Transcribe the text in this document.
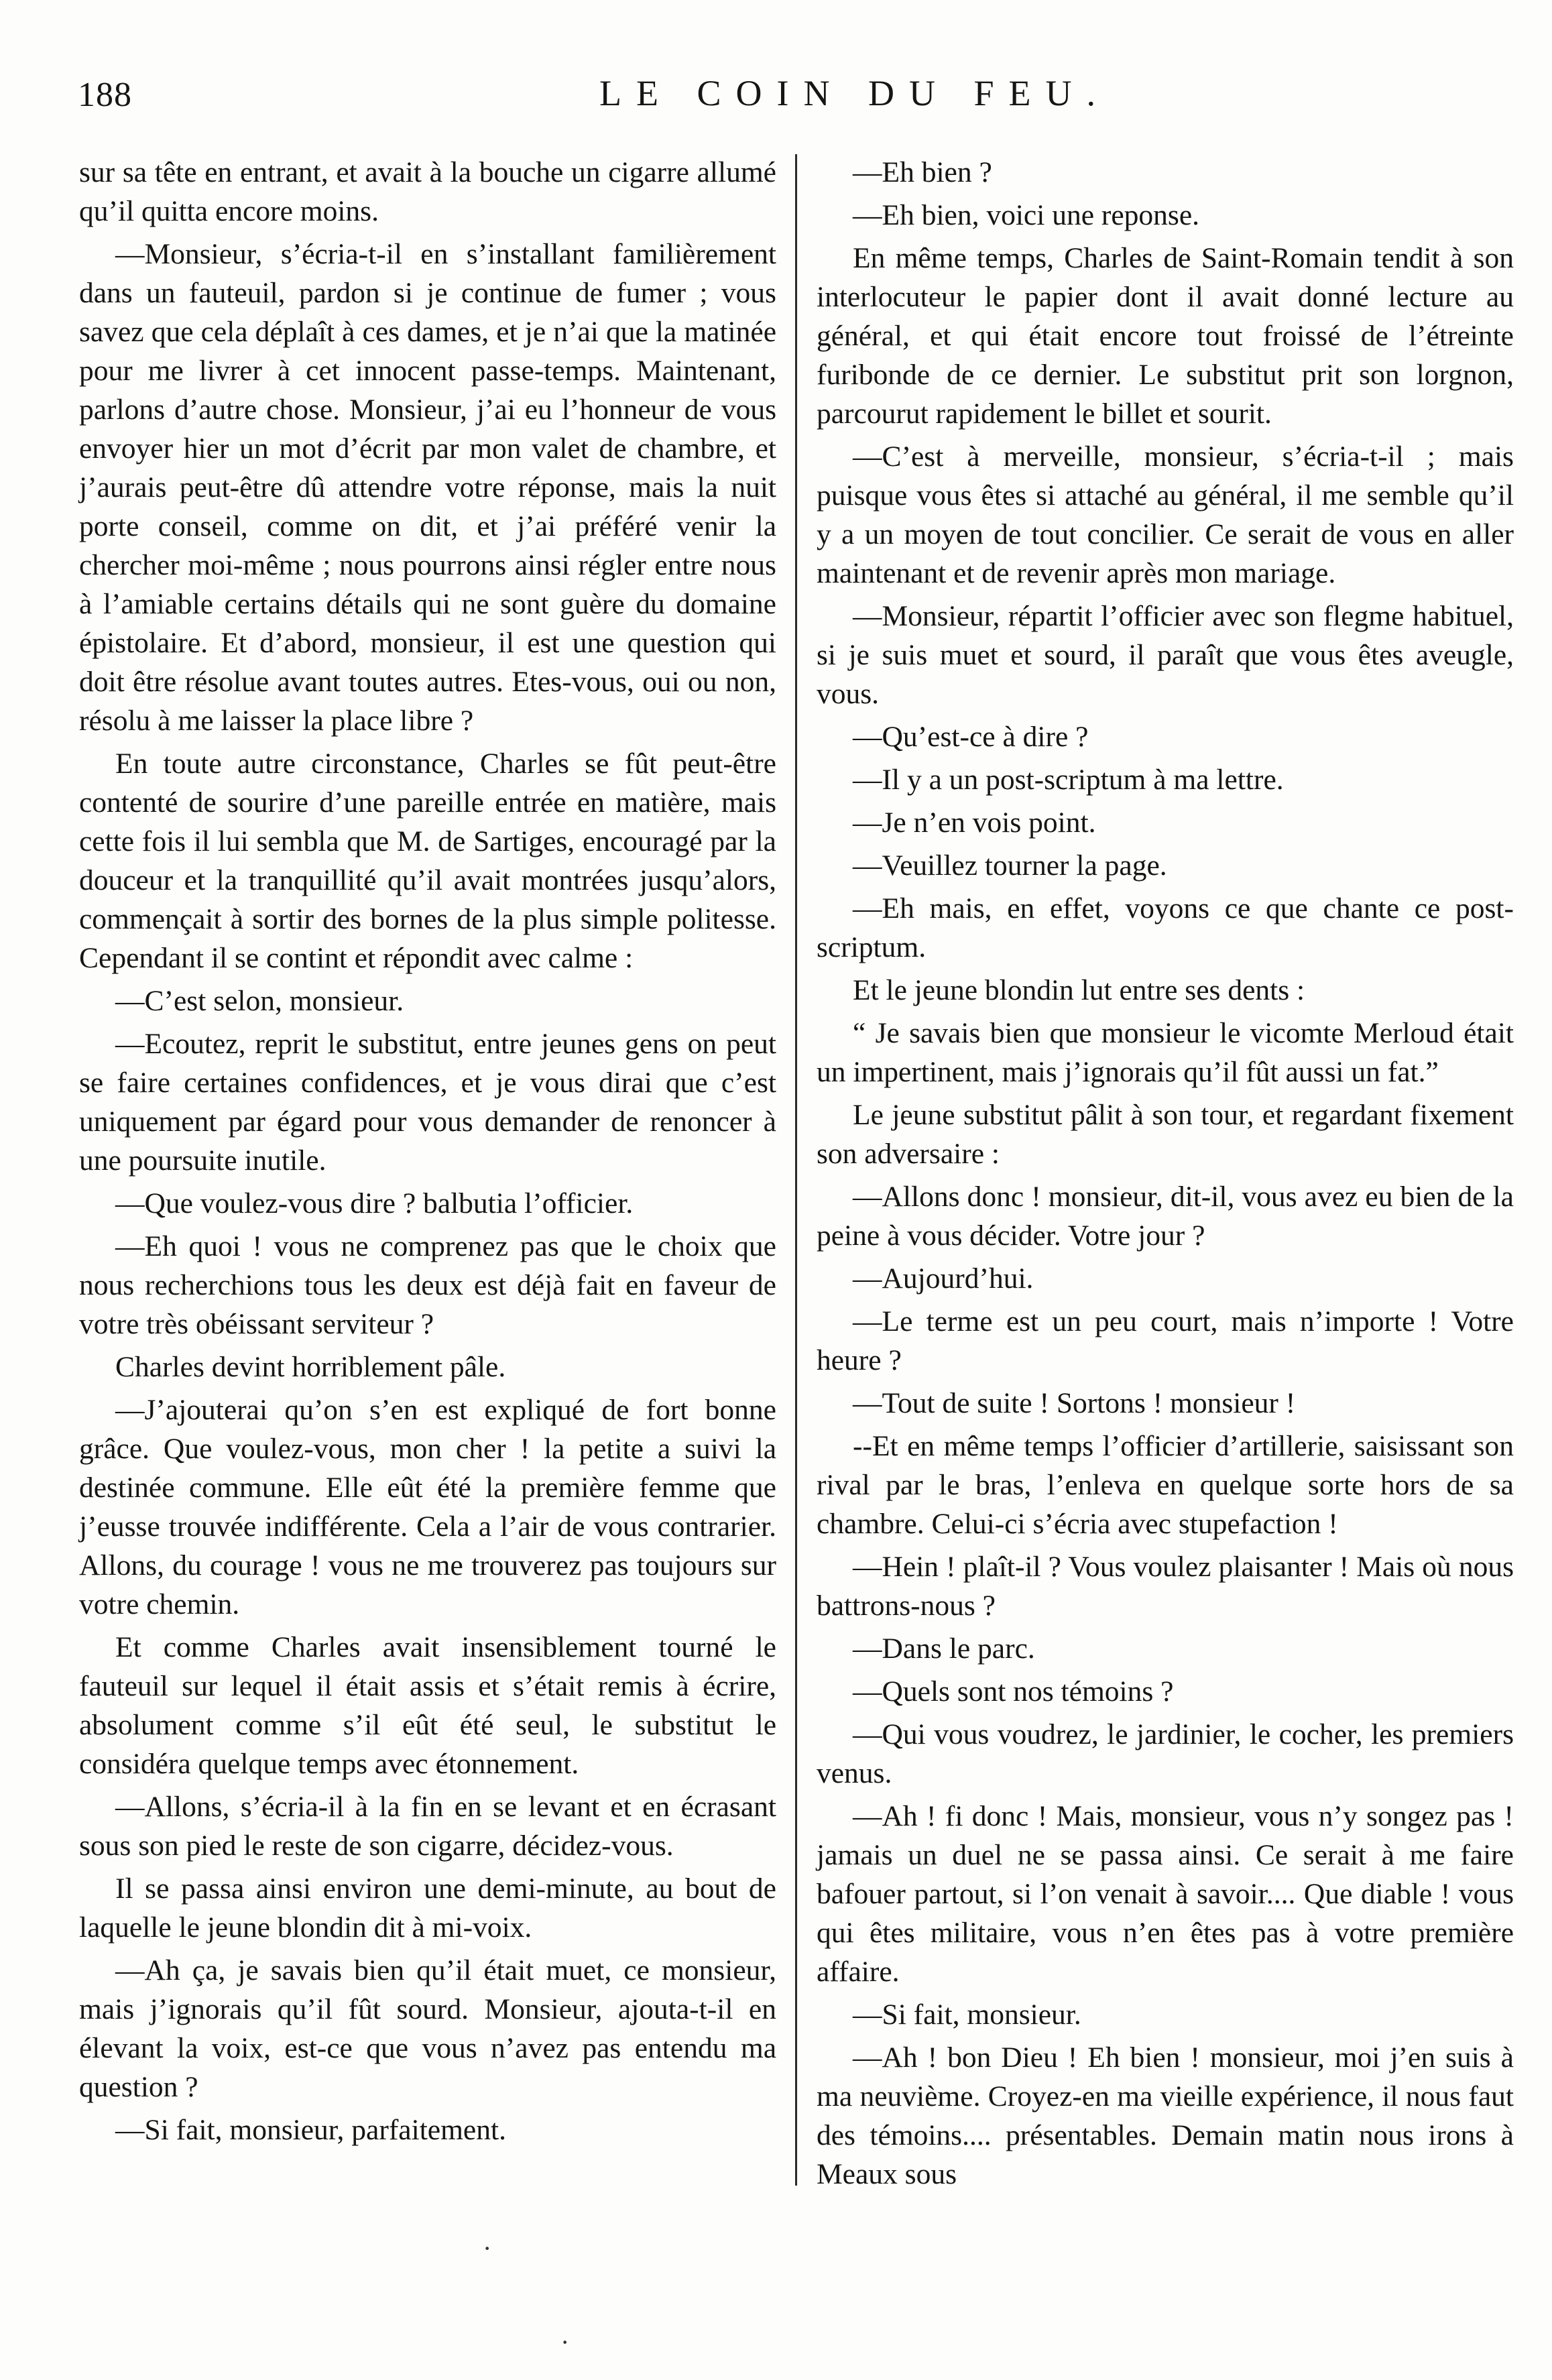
188	LE COIN DU FEU.

sur sa tête en entrant, et avait à la bouche un cigarre allumé qu’il quitta encore moins.

—Monsieur, s’écria-t-il en s’installant familièrement dans un fauteuil, pardon si je continue de fumer ; vous savez que cela déplaît à ces dames, et je n’ai que la matinée pour me livrer à cet innocent passe-temps. Maintenant, parlons d’autre chose. Monsieur, j’ai eu l’honneur de vous envoyer hier un mot d’écrit par mon valet de chambre, et j’aurais peut-être dû attendre votre réponse, mais la nuit porte conseil, comme on dit, et j’ai préféré venir la chercher moi-même ; nous pourrons ainsi régler entre nous à l’amiable certains détails qui ne sont guère du domaine épistolaire. Et d’abord, monsieur, il est une question qui doit être résolue avant toutes autres. Etes-vous, oui ou non, résolu à me laisser la place libre ?

En toute autre circonstance, Charles se fût peut-être contenté de sourire d’une pareille entrée en matière, mais cette fois il lui sembla que M. de Sartiges, encouragé par la douceur et la tranquillité qu’il avait montrées jusqu’alors, commençait à sortir des bornes de la plus simple politesse. Cependant il se contint et répondit avec calme :

—C’est selon, monsieur.

—Ecoutez, reprit le substitut, entre jeunes gens on peut se faire certaines confidences, et je vous dirai que c’est uniquement par égard pour vous demander de renoncer à une poursuite inutile.

—Que voulez-vous dire ? balbutia l’officier.

—Eh quoi ! vous ne comprenez pas que le choix que nous recherchions tous les deux est déjà fait en faveur de votre très obéissant serviteur ?

Charles devint horriblement pâle.

—J’ajouterai qu’on s’en est expliqué de fort bonne grâce. Que voulez-vous, mon cher ! la petite a suivi la destinée commune. Elle eût été la première femme que j’eusse trouvée indifférente. Cela a l’air de vous contrarier. Allons, du courage ! vous ne me trouverez pas toujours sur votre chemin.

Et comme Charles avait insensiblement tourné le fauteuil sur lequel il était assis et s’était remis à écrire, absolument comme s’il eût été seul, le substitut le considéra quelque temps avec étonnement.

—Allons, s’écria-il à la fin en se levant et en écrasant sous son pied le reste de son cigarre, décidez-vous.

Il se passa ainsi environ une demi-minute, au bout de laquelle le jeune blondin dit à mi-voix.

—Ah ça, je savais bien qu’il était muet, ce monsieur, mais j’ignorais qu’il fût sourd. Monsieur, ajouta-t-il en élevant la voix, est-ce que vous n’avez pas entendu ma question ?

—Si fait, monsieur, parfaitement.

—Eh bien ?

—Eh bien, voici une reponse.

En même temps, Charles de Saint-Romain tendit à son interlocuteur le papier dont il avait donné lecture au général, et qui était encore tout froissé de l’étreinte furibonde de ce dernier. Le substitut prit son lorgnon, parcourut rapidement le billet et sourit.

—C’est à merveille, monsieur, s’écria-t-il ; mais puisque vous êtes si attaché au général, il me semble qu’il y a un moyen de tout concilier. Ce serait de vous en aller maintenant et de revenir après mon mariage.

—Monsieur, répartit l’officier avec son flegme habituel, si je suis muet et sourd, il paraît que vous êtes aveugle, vous.

—Qu’est-ce à dire ?

—Il y a un post-scriptum à ma lettre.

—Je n’en vois point.

—Veuillez tourner la page.

—Eh mais, en effet, voyons ce que chante ce post-scriptum.

Et le jeune blondin lut entre ses dents :

“ Je savais bien que monsieur le vicomte Merloud était un impertinent, mais j’ignorais qu’il fût aussi un fat.”

Le jeune substitut pâlit à son tour, et regardant fixement son adversaire :

—Allons donc ! monsieur, dit-il, vous avez eu bien de la peine à vous décider. Votre jour ?

—Aujourd’hui.

—Le terme est un peu court, mais n’importe ! Votre heure ?

—Tout de suite ! Sortons ! monsieur !

--Et en même temps l’officier d’artillerie, saisissant son rival par le bras, l’enleva en quelque sorte hors de sa chambre. Celui-ci s’écria avec stupefaction !

—Hein ! plaît-il ? Vous voulez plaisanter ! Mais où nous battrons-nous ?

—Dans le parc.

—Quels sont nos témoins ?

—Qui vous voudrez, le jardinier, le cocher, les premiers venus.

—Ah ! fi donc ! Mais, monsieur, vous n’y songez pas ! jamais un duel ne se passa ainsi. Ce serait à me faire bafouer partout, si l’on venait à savoir.... Que diable ! vous qui êtes militaire, vous n’en êtes pas à votre première affaire.

—Si fait, monsieur.

—Ah ! bon Dieu ! Eh bien ! monsieur, moi j’en suis à ma neuvième. Croyez-en ma vieille expérience, il nous faut des témoins.... présentables. Demain matin nous irons à Meaux sous

·
·
